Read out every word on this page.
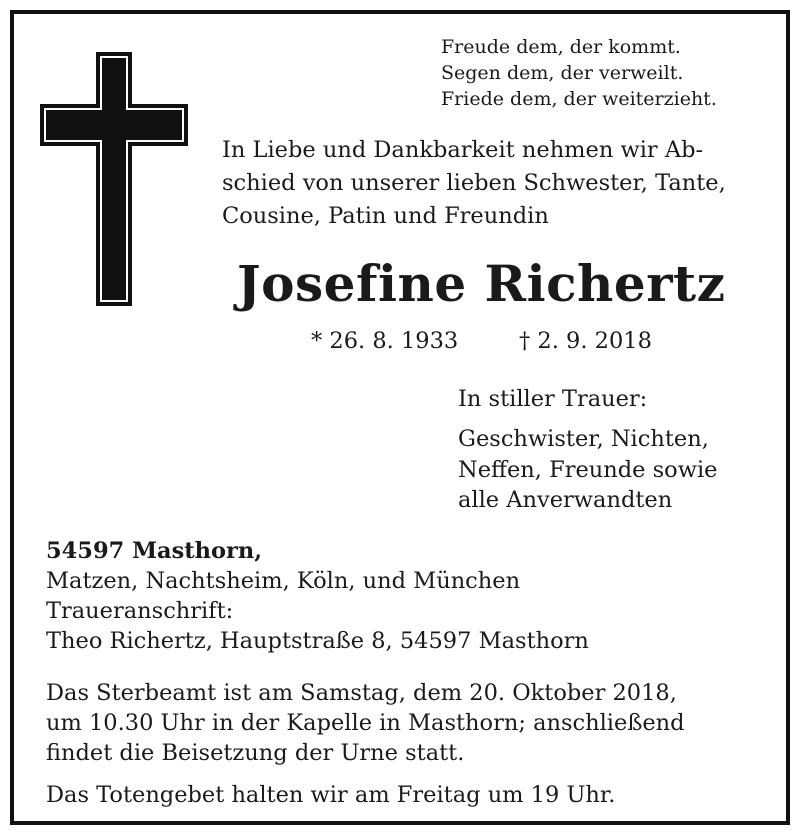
Freude dem, der kommt.
Segen dem, der verweilt.
Friede dem, der weiterzieht.
In Liebe und Dankbarkeit nehmen wir Ab-
schied von unserer lieben Schwester, Tante,
Cousine, Patin und Freundin
Josefine Richertz
* 26. 8. 1933	† 2. 9. 2018
In stiller Trauer:
Geschwister, Nichten,
Neffen, Freunde sowie
alle Anverwandten
54597 Masthorn,
Matzen, Nachtsheim, Köln, und München
Traueranschrift:
Theo Richertz, Hauptstraße 8, 54597 Masthorn
Das Sterbeamt ist am Samstag, dem 20. Oktober 2018,
um 10.30 Uhr in der Kapelle in Masthorn; anschließend
findet die Beisetzung der Urne statt.
Das Totengebet halten wir am Freitag um 19 Uhr.
